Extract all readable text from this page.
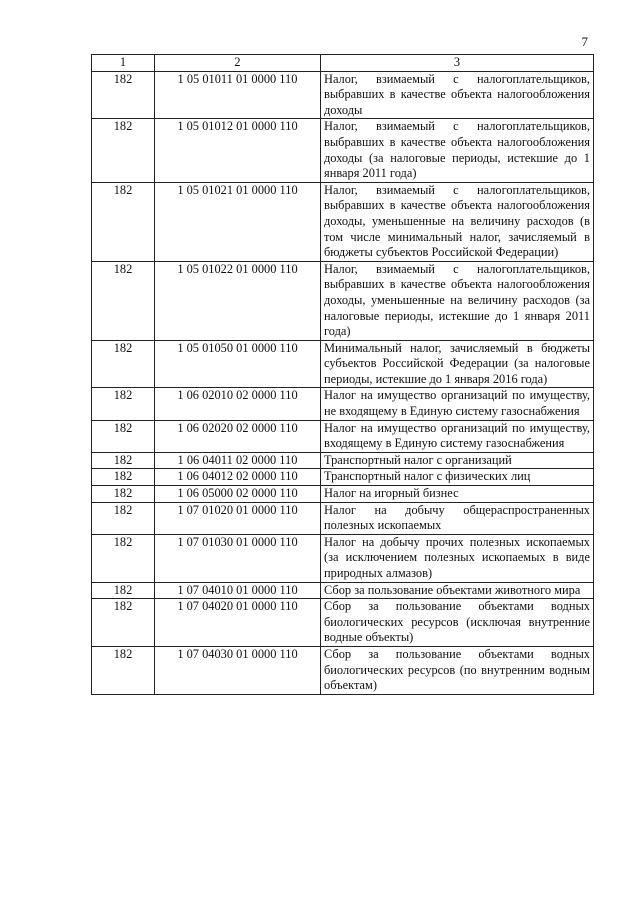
7
1	2	3
182	1 05 01011 01 0000 110	Налог, взимаемый с налогоплательщиков, выбравших в качестве объекта налогообложения доходы
182	1 05 01012 01 0000 110	Налог, взимаемый с налогоплательщиков, выбравших в качестве объекта налогообложения доходы (за налоговые периоды, истекшие до 1 января 2011 года)
182	1 05 01021 01 0000 110	Налог, взимаемый с налогоплательщиков, выбравших в качестве объекта налогообложения доходы, уменьшенные на величину расходов (в том числе минимальный налог, зачисляемый в бюджеты субъектов Российской Федерации)
182	1 05 01022 01 0000 110	Налог, взимаемый с налогоплательщиков, выбравших в качестве объекта налогообложения доходы, уменьшенные на величину расходов (за налоговые периоды, истекшие до 1 января 2011 года)
182	1 05 01050 01 0000 110	Минимальный налог, зачисляемый в бюджеты субъектов Российской Федерации (за налоговые периоды, истекшие до 1 января 2016 года)
182	1 06 02010 02 0000 110	Налог на имущество организаций по имуществу, не входящему в Единую систему газоснабжения
182	1 06 02020 02 0000 110	Налог на имущество организаций по имуществу, входящему в Единую систему газоснабжения
182	1 06 04011 02 0000 110	Транспортный налог с организаций
182	1 06 04012 02 0000 110	Транспортный налог с физических лиц
182	1 06 05000 02 0000 110	Налог на игорный бизнес
182	1 07 01020 01 0000 110	Налог на добычу общераспространенных полезных ископаемых
182	1 07 01030 01 0000 110	Налог на добычу прочих полезных ископаемых (за исключением полезных ископаемых в виде природных алмазов)
182	1 07 04010 01 0000 110	Сбор за пользование объектами животного мира
182	1 07 04020 01 0000 110	Сбор за пользование объектами водных биологических ресурсов (исключая внутренние водные объекты)
182	1 07 04030 01 0000 110	Сбор за пользование объектами водных биологических ресурсов (по внутренним водным объектам)
